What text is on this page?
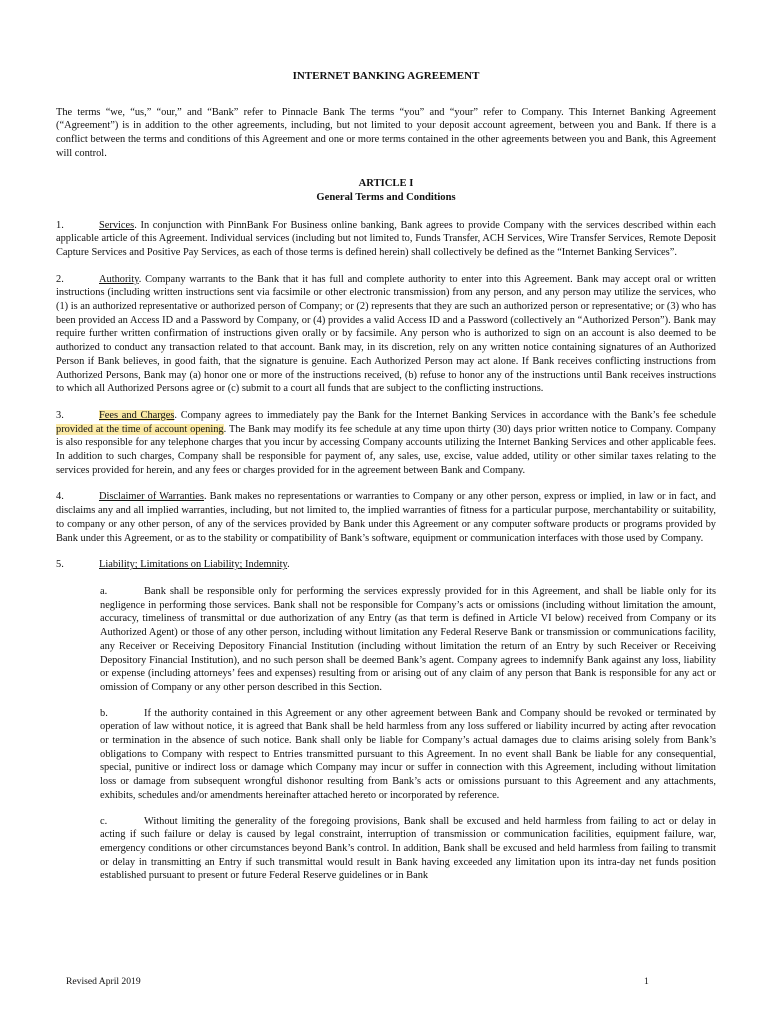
INTERNET BANKING AGREEMENT

The terms “we, “us,” “our,” and “Bank” refer to Pinnacle Bank The terms “you” and “your” refer to Company. This Internet Banking Agreement (“Agreement”) is in addition to the other agreements, including, but not limited to your deposit account agreement, between you and Bank. If there is a conflict between the terms and conditions of this Agreement and one or more terms contained in the other agreements between you and Bank, this Agreement will control.

ARTICLE I
General Terms and Conditions

1.	Services. In conjunction with PinnBank For Business online banking, Bank agrees to provide Company with the services described within each applicable article of this Agreement. Individual services (including but not limited to, Funds Transfer, ACH Services, Wire Transfer Services, Remote Deposit Capture Services and Positive Pay Services, as each of those terms is defined herein) shall collectively be defined as the “Internet Banking Services”.

2.	Authority. Company warrants to the Bank that it has full and complete authority to enter into this Agreement. Bank may accept oral or written instructions (including written instructions sent via facsimile or other electronic transmission) from any person, and any person may utilize the services, who (1) is an authorized representative or authorized person of Company; or (2) represents that they are such an authorized person or representative; or (3) who has been provided an Access ID and a Password by Company, or (4) provides a valid Access ID and a Password (collectively an “Authorized Person”). Bank may require further written confirmation of instructions given orally or by facsimile. Any person who is authorized to sign on an account is also deemed to be authorized to conduct any transaction related to that account. Bank may, in its discretion, rely on any written notice containing signatures of an Authorized Person if Bank believes, in good faith, that the signature is genuine. Each Authorized Person may act alone. If Bank receives conflicting instructions from Authorized Persons, Bank may (a) honor one or more of the instructions received, (b) refuse to honor any of the instructions until Bank receives instructions to which all Authorized Persons agree or (c) submit to a court all funds that are subject to the conflicting instructions.

3.	Fees and Charges. Company agrees to immediately pay the Bank for the Internet Banking Services in accordance with the Bank’s fee schedule provided at the time of account opening. The Bank may modify its fee schedule at any time upon thirty (30) days prior written notice to Company. Company is also responsible for any telephone charges that you incur by accessing Company accounts utilizing the Internet Banking Services and other applicable fees. In addition to such charges, Company shall be responsible for payment of, any sales, use, excise, value added, utility or other similar taxes relating to the services provided for herein, and any fees or charges provided for in the agreement between Bank and Company.

4.	Disclaimer of Warranties. Bank makes no representations or warranties to Company or any other person, express or implied, in law or in fact, and disclaims any and all implied warranties, including, but not limited to, the implied warranties of fitness for a particular purpose, merchantability or suitability, to company or any other person, of any of the services provided by Bank under this Agreement or any computer software products or programs provided by Bank under this Agreement, or as to the stability or compatibility of Bank’s software, equipment or communication interfaces with those used by Company.

5.	Liability; Limitations on Liability; Indemnity.

a.	Bank shall be responsible only for performing the services expressly provided for in this Agreement, and shall be liable only for its negligence in performing those services. Bank shall not be responsible for Company’s acts or omissions (including without limitation the amount, accuracy, timeliness of transmittal or due authorization of any Entry (as that term is defined in Article VI below) received from Company or its Authorized Agent) or those of any other person, including without limitation any Federal Reserve Bank or transmission or communications facility, any Receiver or Receiving Depository Financial Institution (including without limitation the return of an Entry by such Receiver or Receiving Depository Financial Institution), and no such person shall be deemed Bank’s agent. Company agrees to indemnify Bank against any loss, liability or expense (including attorneys’ fees and expenses) resulting from or arising out of any claim of any person that Bank is responsible for any act or omission of Company or any other person described in this Section.

b.	If the authority contained in this Agreement or any other agreement between Bank and Company should be revoked or terminated by operation of law without notice, it is agreed that Bank shall be held harmless from any loss suffered or liability incurred by acting after revocation or termination in the absence of such notice. Bank shall only be liable for Company’s actual damages due to claims arising solely from Bank’s obligations to Company with respect to Entries transmitted pursuant to this Agreement. In no event shall Bank be liable for any consequential, special, punitive or indirect loss or damage which Company may incur or suffer in connection with this Agreement, including without limitation loss or damage from subsequent wrongful dishonor resulting from Bank’s acts or omissions pursuant to this Agreement and any attachments, exhibits, schedules and/or amendments hereinafter attached hereto or incorporated by reference.

c.	Without limiting the generality of the foregoing provisions, Bank shall be excused and held harmless from failing to act or delay in acting if such failure or delay is caused by legal constraint, interruption of transmission or communication facilities, equipment failure, war, emergency conditions or other circumstances beyond Bank’s control. In addition, Bank shall be excused and held harmless from failing to transmit or delay in transmitting an Entry if such transmittal would result in Bank having exceeded any limitation upon its intra-day net funds position established pursuant to present or future Federal Reserve guidelines or in Bank

Revised April 2019	1
